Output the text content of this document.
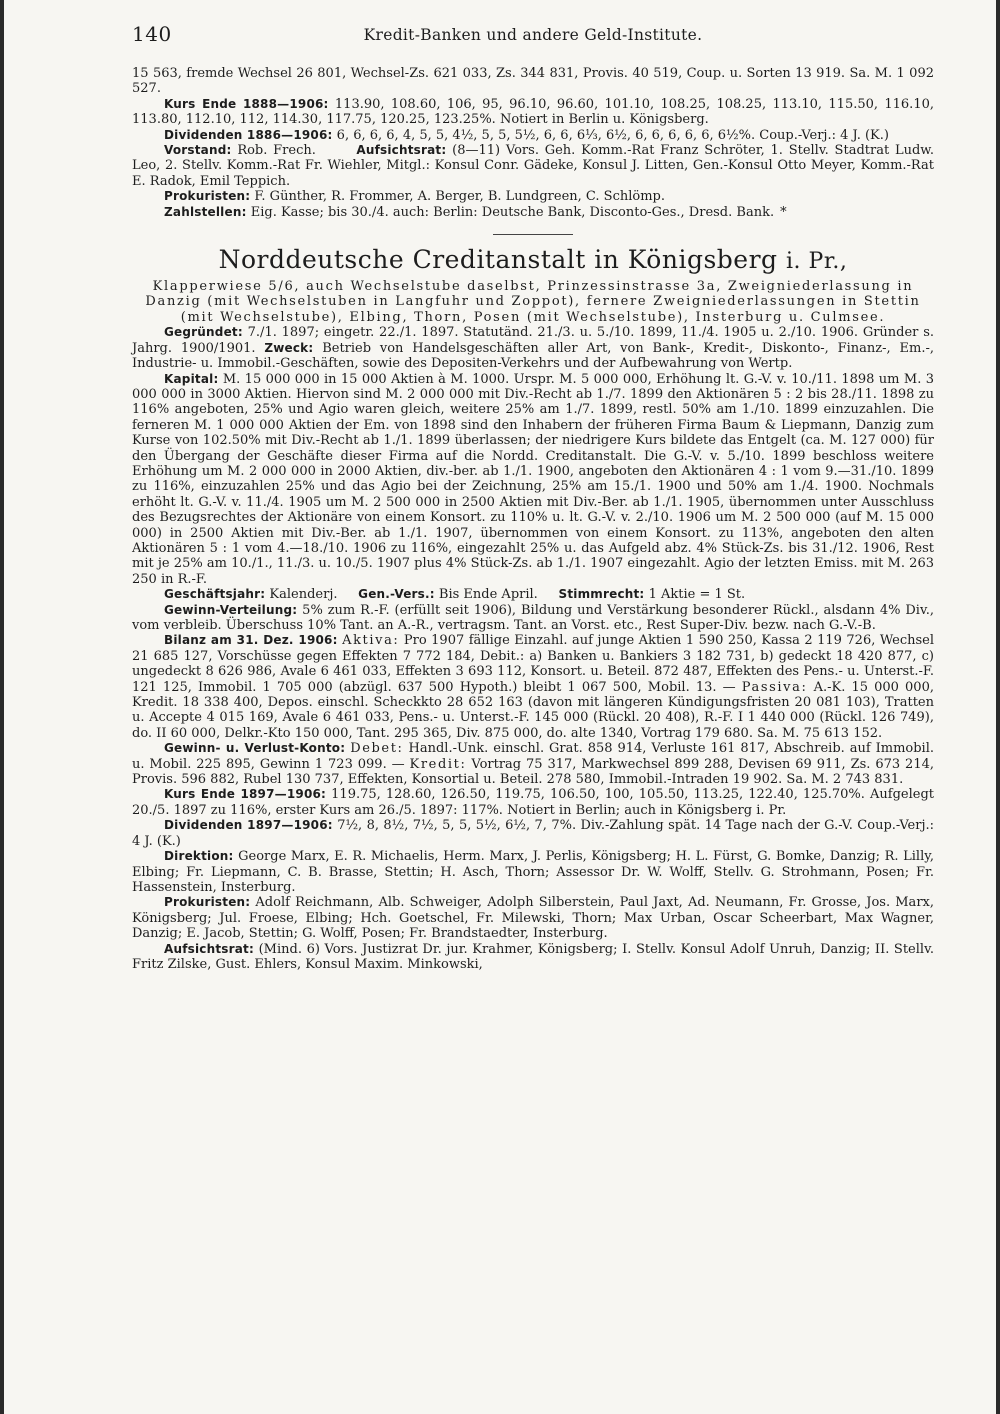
140	Kredit-Banken und andere Geld-Institute.

15 563, fremde Wechsel 26 801, Wechsel-Zs. 621 033, Zs. 344 831, Provis. 40 519, Coup. u. Sorten 13 919. Sa. M. 1 092 527.

Kurs Ende 1888—1906: 113.90, 108.60, 106, 95, 96.10, 96.60, 101.10, 108.25, 108.25, 113.10, 115.50, 116.10, 113.80, 112.10, 112, 114.30, 117.75, 120.25, 123.25%. Notiert in Berlin u. Königsberg.

Dividenden 1886—1906: 6, 6, 6, 6, 4, 5, 5, 4½, 5, 5, 5½, 6, 6, 6⅓, 6½, 6, 6, 6, 6, 6, 6½%. Coup.-Verj.: 4 J. (K.)

Vorstand: Rob. Frech.	Aufsichtsrat: (8—11) Vors. Geh. Komm.-Rat Franz Schröter, 1. Stellv. Stadtrat Ludw. Leo, 2. Stellv. Komm.-Rat Fr. Wiehler, Mitgl.: Konsul Conr. Gädeke, Konsul J. Litten, Gen.-Konsul Otto Meyer, Komm.-Rat E. Radok, Emil Teppich.

Prokuristen: F. Günther, R. Frommer, A. Berger, B. Lundgreen, C. Schlömp.

Zahlstellen: Eig. Kasse; bis 30./4. auch: Berlin: Deutsche Bank, Disconto-Ges., Dresd. Bank. *

Norddeutsche Creditanstalt in Königsberg i. Pr.,

Klapperwiese 5/6, auch Wechselstube daselbst, Prinzessinstrasse 3a, Zweigniederlassung in Danzig (mit Wechselstuben in Langfuhr und Zoppot), fernere Zweigniederlassungen in Stettin (mit Wechselstube), Elbing, Thorn, Posen (mit Wechselstube), Insterburg u. Culmsee.

Gegründet: 7./1. 1897; eingetr. 22./1. 1897. Statutänd. 21./3. u. 5./10. 1899, 11./4. 1905 u. 2./10. 1906. Gründer s. Jahrg. 1900/1901. Zweck: Betrieb von Handelsgeschäften aller Art, von Bank-, Kredit-, Diskonto-, Finanz-, Em.-, Industrie- u. Immobil.-Geschäften, sowie des Depositen-Verkehrs und der Aufbewahrung von Wertp.

Kapital: M. 15 000 000 in 15 000 Aktien à M. 1000. Urspr. M. 5 000 000, Erhöhung lt. G.-V. v. 10./11. 1898 um M. 3 000 000 in 3000 Aktien. Hiervon sind M. 2 000 000 mit Div.-Recht ab 1./7. 1899 den Aktionären 5 : 2 bis 28./11. 1898 zu 116% angeboten, 25% und Agio waren gleich, weitere 25% am 1./7. 1899, restl. 50% am 1./10. 1899 einzuzahlen. Die ferneren M. 1 000 000 Aktien der Em. von 1898 sind den Inhabern der früheren Firma Baum & Liepmann, Danzig zum Kurse von 102.50% mit Div.-Recht ab 1./1. 1899 überlassen; der niedrigere Kurs bildete das Entgelt (ca. M. 127 000) für den Übergang der Geschäfte dieser Firma auf die Nordd. Creditanstalt. Die G.-V. v. 5./10. 1899 beschloss weitere Erhöhung um M. 2 000 000 in 2000 Aktien, div.-ber. ab 1./1. 1900, angeboten den Aktionären 4 : 1 vom 9.—31./10. 1899 zu 116%, einzuzahlen 25% und das Agio bei der Zeichnung, 25% am 15./1. 1900 und 50% am 1./4. 1900. Nochmals erhöht lt. G.-V. v. 11./4. 1905 um M. 2 500 000 in 2500 Aktien mit Div.-Ber. ab 1./1. 1905, übernommen unter Ausschluss des Bezugsrechtes der Aktionäre von einem Konsort. zu 110% u. lt. G.-V. v. 2./10. 1906 um M. 2 500 000 (auf M. 15 000 000) in 2500 Aktien mit Div.-Ber. ab 1./1. 1907, übernommen von einem Konsort. zu 113%, angeboten den alten Aktionären 5 : 1 vom 4.—18./10. 1906 zu 116%, eingezahlt 25% u. das Aufgeld abz. 4% Stück-Zs. bis 31./12. 1906, Rest mit je 25% am 10./1., 11./3. u. 10./5. 1907 plus 4% Stück-Zs. ab 1./1. 1907 eingezahlt. Agio der letzten Emiss. mit M. 263 250 in R.-F.

Geschäftsjahr: Kalenderj. Gen.-Vers.: Bis Ende April. Stimmrecht: 1 Aktie = 1 St.

Gewinn-Verteilung: 5% zum R.-F. (erfüllt seit 1906), Bildung und Verstärkung besonderer Rückl., alsdann 4% Div., vom verbleib. Überschuss 10% Tant. an A.-R., vertragsm. Tant. an Vorst. etc., Rest Super-Div. bezw. nach G.-V.-B.

Bilanz am 31. Dez. 1906: Aktiva: Pro 1907 fällige Einzahl. auf junge Aktien 1 590 250, Kassa 2 119 726, Wechsel 21 685 127, Vorschüsse gegen Effekten 7 772 184, Debit.: a) Banken u. Bankiers 3 182 731, b) gedeckt 18 420 877, c) ungedeckt 8 626 986, Avale 6 461 033, Effekten 3 693 112, Konsort. u. Beteil. 872 487, Effekten des Pens.- u. Unterst.-F. 121 125, Immobil. 1 705 000 (abzügl. 637 500 Hypoth.) bleibt 1 067 500, Mobil. 13. — Passiva: A.-K. 15 000 000, Kredit. 18 338 400, Depos. einschl. Scheckkto 28 652 163 (davon mit längeren Kündigungsfristen 20 081 103), Tratten u. Accepte 4 015 169, Avale 6 461 033, Pens.- u. Unterst.-F. 145 000 (Rückl. 20 408), R.-F. I 1 440 000 (Rückl. 126 749), do. II 60 000, Delkr.-Kto 150 000, Tant. 295 365, Div. 875 000, do. alte 1340, Vortrag 179 680. Sa. M. 75 613 152.

Gewinn- u. Verlust-Konto: Debet: Handl.-Unk. einschl. Grat. 858 914, Verluste 161 817, Abschreib. auf Immobil. u. Mobil. 225 895, Gewinn 1 723 099. — Kredit: Vortrag 75 317, Markwechsel 899 288, Devisen 69 911, Zs. 673 214, Provis. 596 882, Rubel 130 737, Effekten, Konsortial u. Beteil. 278 580, Immobil.-Intraden 19 902. Sa. M. 2 743 831.

Kurs Ende 1897—1906: 119.75, 128.60, 126.50, 119.75, 106.50, 100, 105.50, 113.25, 122.40, 125.70%. Aufgelegt 20./5. 1897 zu 116%, erster Kurs am 26./5. 1897: 117%. Notiert in Berlin; auch in Königsberg i. Pr.

Dividenden 1897—1906: 7½, 8, 8½, 7½, 5, 5, 5½, 6½, 7, 7%. Div.-Zahlung spät. 14 Tage nach der G.-V. Coup.-Verj.: 4 J. (K.)

Direktion: George Marx, E. R. Michaelis, Herm. Marx, J. Perlis, Königsberg; H. L. Fürst, G. Bomke, Danzig; R. Lilly, Elbing; Fr. Liepmann, C. B. Brasse, Stettin; H. Asch, Thorn; Assessor Dr. W. Wolff, Stellv. G. Strohmann, Posen; Fr. Hassenstein, Insterburg.

Prokuristen: Adolf Reichmann, Alb. Schweiger, Adolph Silberstein, Paul Jaxt, Ad. Neumann, Fr. Grosse, Jos. Marx, Königsberg; Jul. Froese, Elbing; Hch. Goetschel, Fr. Milewski, Thorn; Max Urban, Oscar Scheerbart, Max Wagner, Danzig; E. Jacob, Stettin; G. Wolff, Posen; Fr. Brandstaedter, Insterburg.

Aufsichtsrat: (Mind. 6) Vors. Justizrat Dr. jur. Krahmer, Königsberg; I. Stellv. Konsul Adolf Unruh, Danzig; II. Stellv. Fritz Zilske, Gust. Ehlers, Konsul Maxim. Minkowski,
